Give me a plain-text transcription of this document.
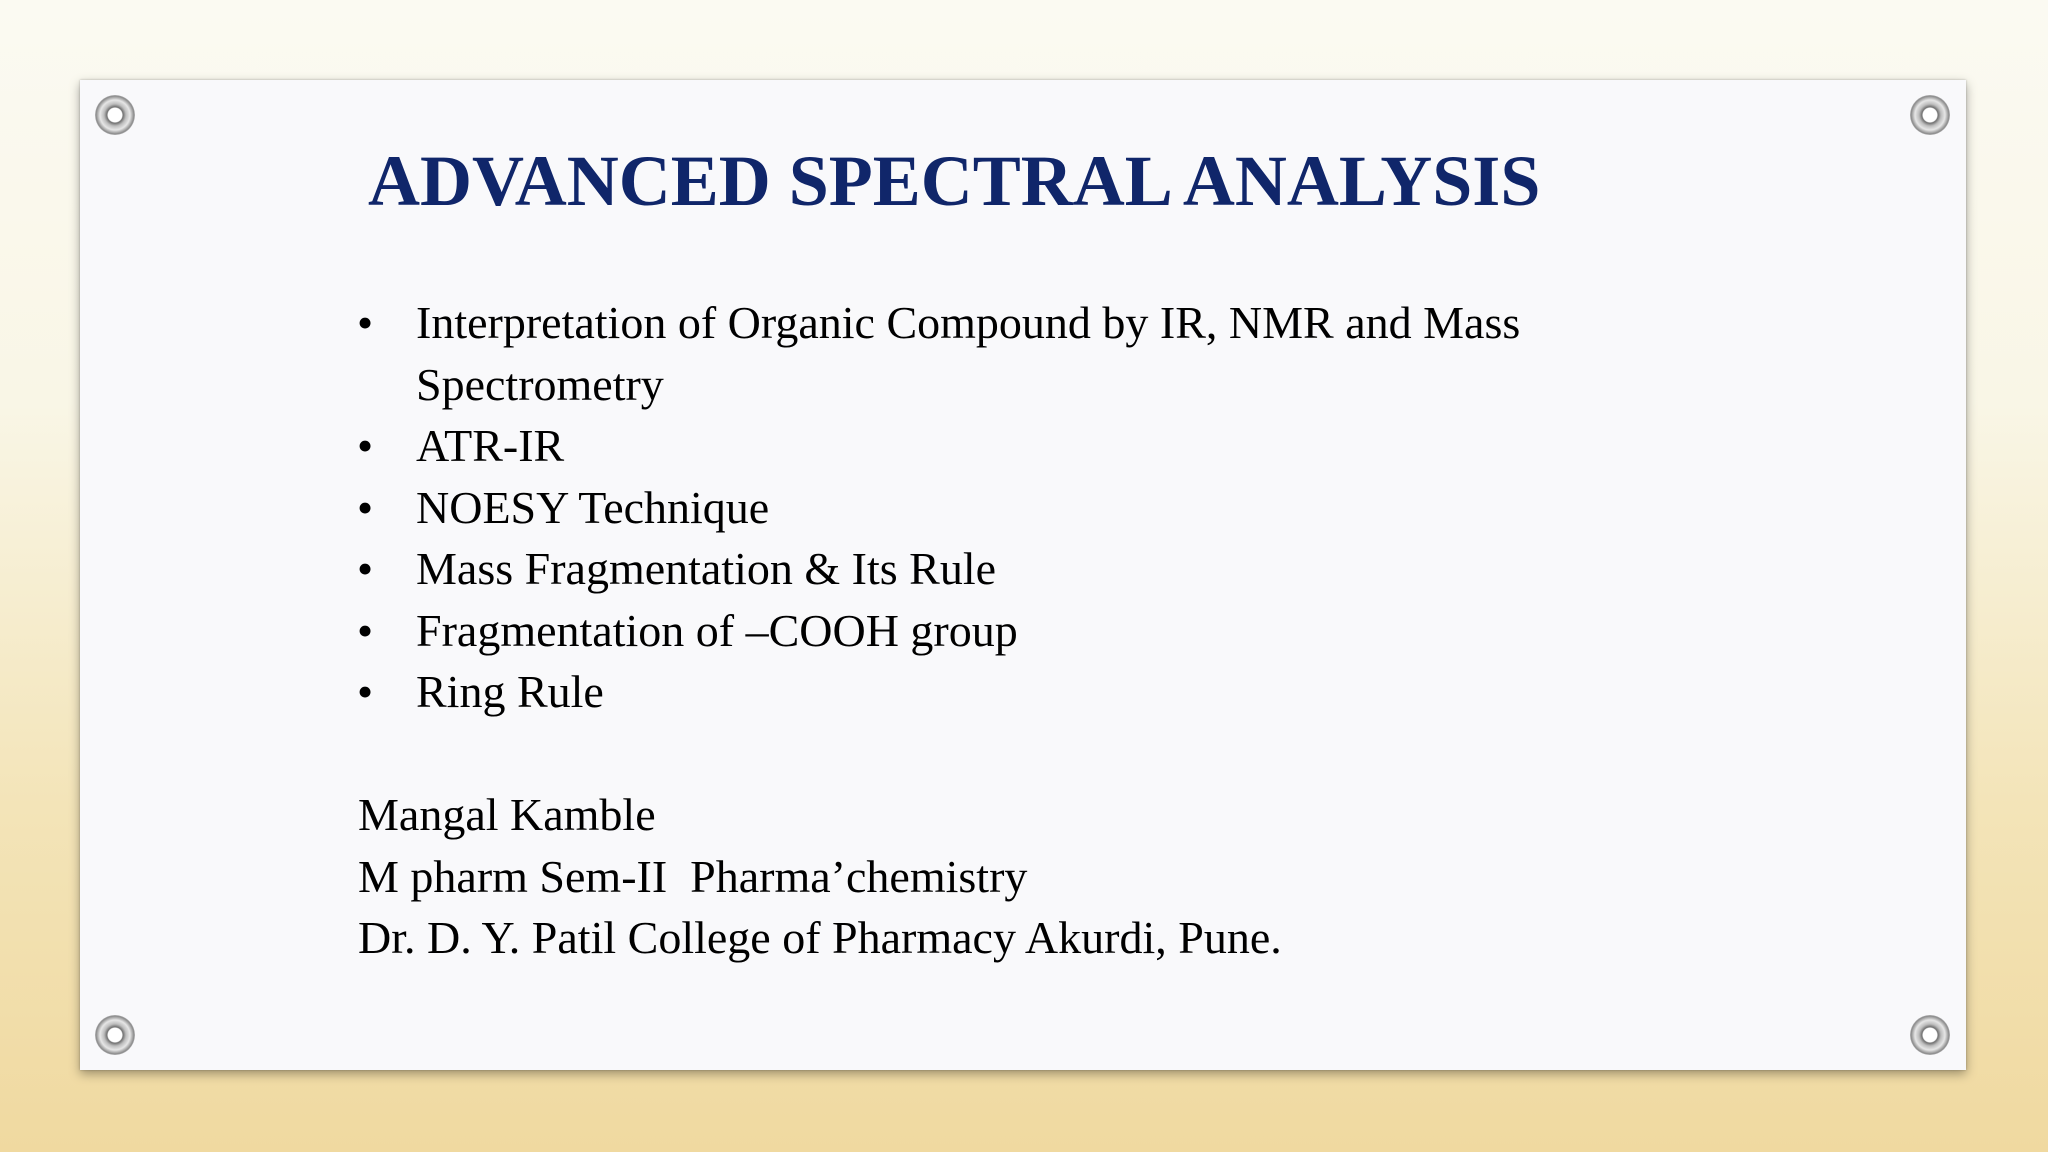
ADVANCED SPECTRAL ANALYSIS
• Interpretation of Organic Compound by IR, NMR and Mass Spectrometry
• ATR-IR
• NOESY Technique
• Mass Fragmentation & Its Rule
• Fragmentation of –COOH group
• Ring Rule
Mangal Kamble
M pharm Sem-II  Pharma’chemistry
Dr. D. Y. Patil College of Pharmacy Akurdi, Pune.
